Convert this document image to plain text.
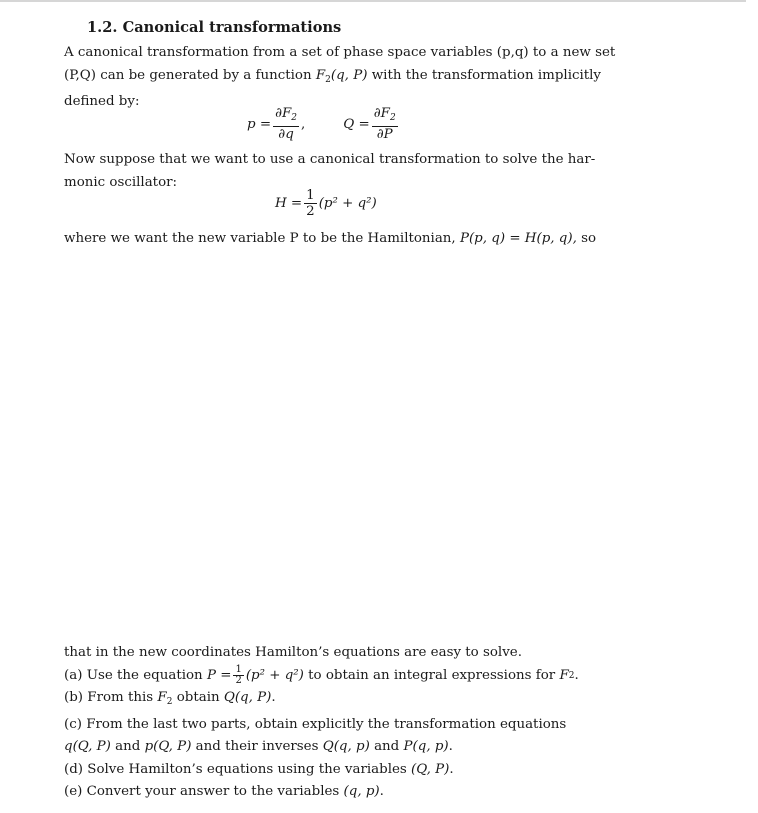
1.2. Canonical transformations
A canonical transformation from a set of phase space variables (p,q) to a new set
(P,Q) can be generated by a function $F_2(q$, P) with the transformation implicitly
defined by:
$p = \frac{\partial F_2}{\partial q}$ ,	$Q = \frac{\partial F_2}{\partial P}$
Now suppose that we want to use a canonical transformation to solve the har-
monic oscillator:
$H = \frac{1}{2} (p^2 + q^2)$
where we want the new variable P to be the Hamiltonian, P(p, q) = H(p, q), so
that in the new coordinates Hamilton’s equations are easy to solve.
(a) Use the equation $P = \frac{1}{2} (p^2 + q^2)$ to obtain an integral expressions for F 2 .
(b) From this $F_2$ obtain Q(q, P).
(c) From the last two parts, obtain explicitly the transformation equations
q(Q, P) and p(Q, P) and their inverses Q(q, p) and P(q, p).
(d) Solve Hamilton’s equations using the variables (Q, P).
(e) Convert your answer to the variables (q, p).
